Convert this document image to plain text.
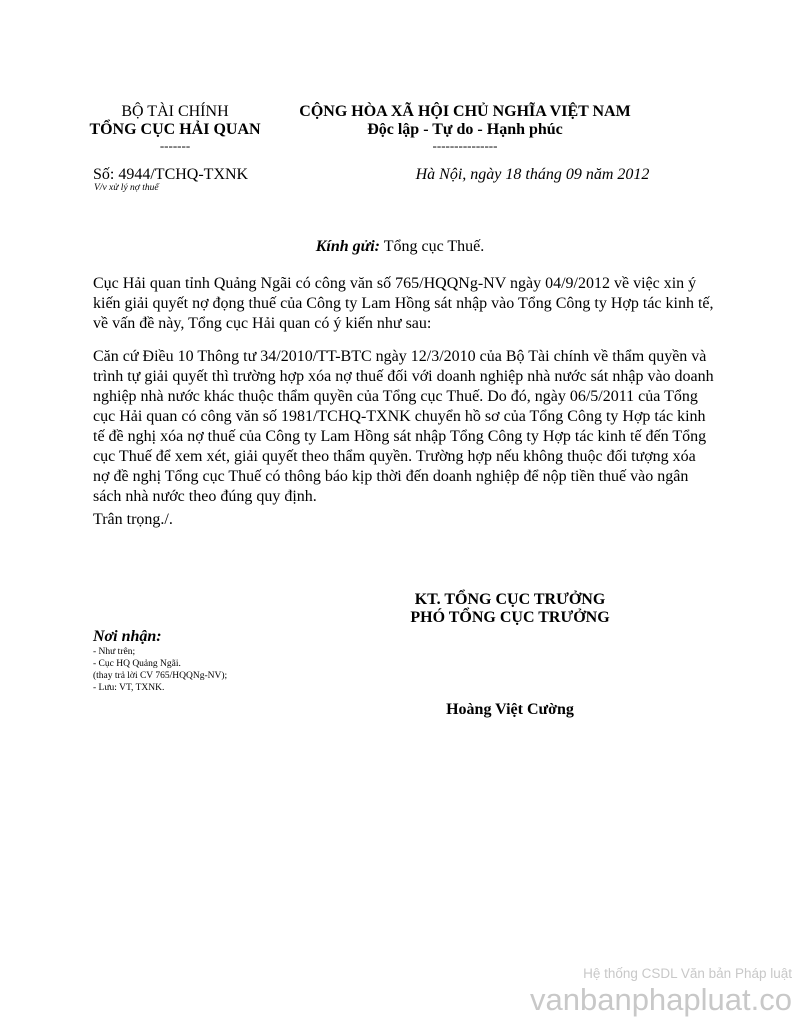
BỘ TÀI CHÍNH
TỔNG CỤC HẢI QUAN
-------
Số: 4944/TCHQ-TXNK
V/v xử lý nợ thuế
CỘNG HÒA XÃ HỘI CHỦ NGHĨA VIỆT NAM
Độc lập - Tự do - Hạnh phúc
---------------
Hà Nội, ngày 18 tháng 09 năm 2012
Kính gửi: Tổng cục Thuế.
Cục Hải quan tỉnh Quảng Ngãi có công văn số 765/HQQNg-NV ngày 04/9/2012 về việc xin ý
kiến giải quyết nợ đọng thuế của Công ty Lam Hồng sát nhập vào Tổng Công ty Hợp tác kinh tế,
về vấn đề này, Tổng cục Hải quan có ý kiến như sau:
Căn cứ Điều 10 Thông tư 34/2010/TT-BTC ngày 12/3/2010 của Bộ Tài chính về thẩm quyền và
trình tự giải quyết thì trường hợp xóa nợ thuế đối với doanh nghiệp nhà nước sát nhập vào doanh
nghiệp nhà nước khác thuộc thẩm quyền của Tổng cục Thuế. Do đó, ngày 06/5/2011 của Tổng
cục Hải quan có công văn số 1981/TCHQ-TXNK chuyển hồ sơ của Tổng Công ty Hợp tác kinh
tế đề nghị xóa nợ thuế của Công ty Lam Hồng sát nhập Tổng Công ty Hợp tác kinh tế đến Tổng
cục Thuế để xem xét, giải quyết theo thẩm quyền. Trường hợp nếu không thuộc đối tượng xóa
nợ đề nghị Tổng cục Thuế có thông báo kịp thời đến doanh nghiệp để nộp tiền thuế vào ngân
sách nhà nước theo đúng quy định.
Trân trọng./.
KT. TỔNG CỤC TRƯỞNG
PHÓ TỔNG CỤC TRƯỞNG
Hoàng Việt Cường
Nơi nhận:
- Như trên;
- Cục HQ Quảng Ngãi.
(thay trả lời CV 765/HQQNg-NV);
- Lưu: VT, TXNK.
Hệ thống CSDL Văn bản Pháp luật
vanbanphapluat.co
